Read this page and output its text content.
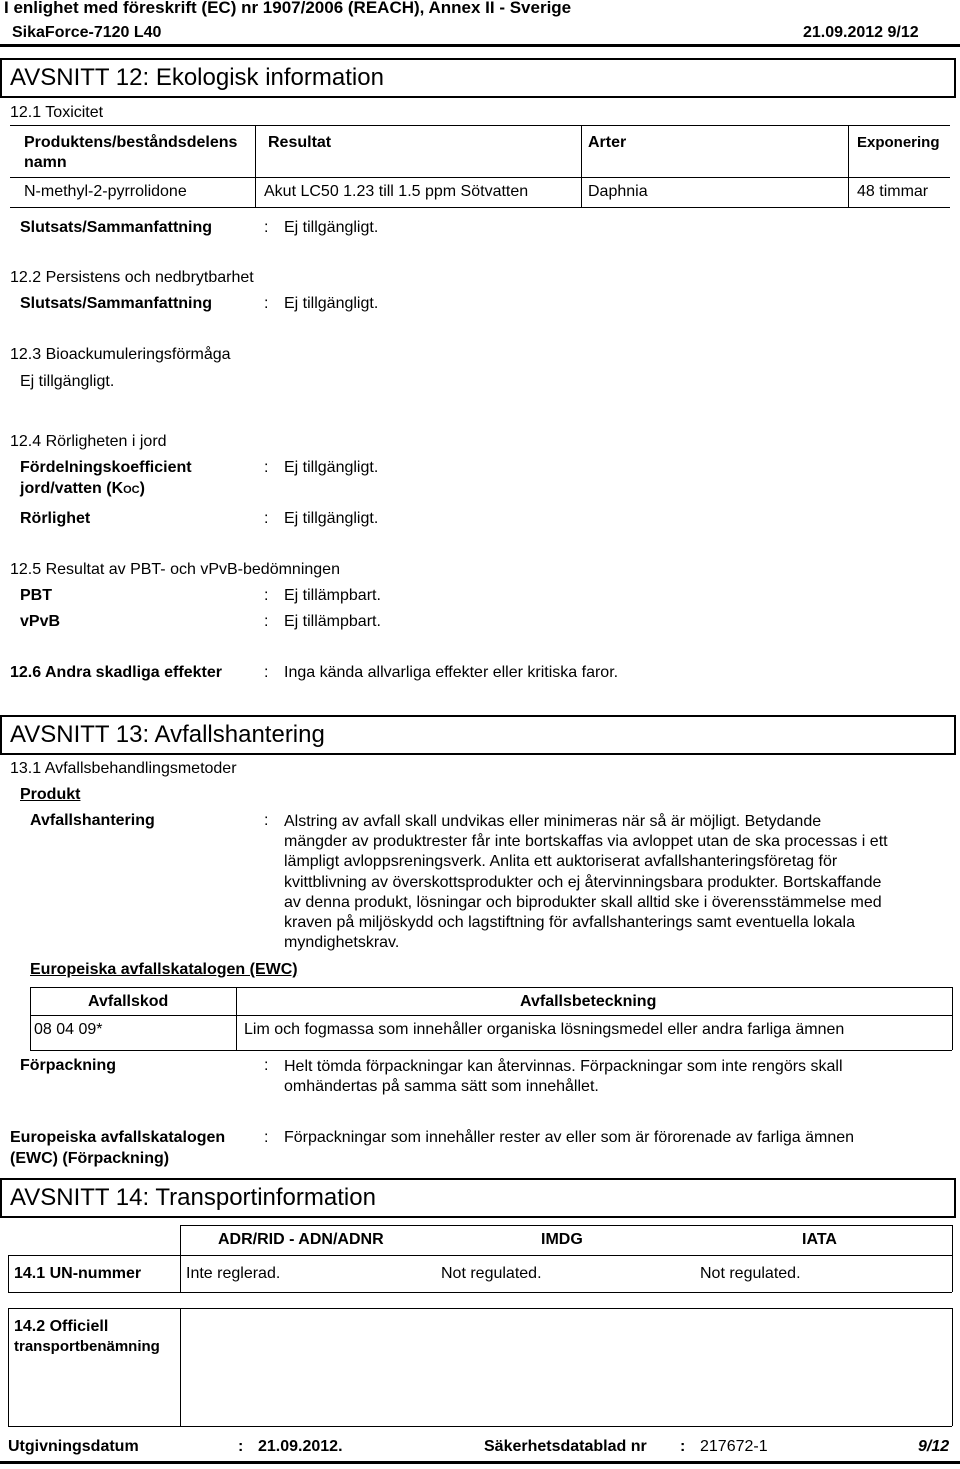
I enlighet med föreskrift (EC) nr 1907/2006 (REACH), Annex II - Sverige
SikaForce-7120 L40	21.09.2012 9/12
AVSNITT 12: Ekologisk information
12.1 Toxicitet
Produktens/beståndsdelens
namn
Resultat	Arter	Exponering
N-methyl-2-pyrrolidone	Akut LC50 1.23 till 1.5 ppm Sötvatten	Daphnia	48 timmar
Slutsats/Sammanfattning	: Ej tillgängligt.
12.2 Persistens och nedbrytbarhet
Slutsats/Sammanfattning	: Ej tillgängligt.
12.3 Bioackumuleringsförmåga
Ej tillgängligt.
12.4 Rörligheten i jord
Fördelningskoefficient
jord/vatten (KOC)
: Ej tillgängligt.
Rörlighet	: Ej tillgängligt.
12.5 Resultat av PBT- och vPvB-bedömningen
PBT	: Ej tillämpbart.
vPvB	: Ej tillämpbart.
12.6 Andra skadliga effekter	: Inga kända allvarliga effekter eller kritiska faror.
AVSNITT 13: Avfallshantering
13.1 Avfallsbehandlingsmetoder
Produkt
Avfallshantering	: Alstring av avfall skall undvikas eller minimeras när så är möjligt. Betydande
mängder av produktrester får inte bortskaffas via avloppet utan de ska processas i ett
lämpligt avloppsreningsverk. Anlita ett auktoriserat avfallshanteringsföretag för
kvittblivning av överskottsprodukter och ej återvinningsbara produkter. Bortskaffande
av denna produkt, lösningar och biprodukter skall alltid ske i överensstämmelse med
kraven på miljöskydd och lagstiftning för avfallshanterings samt eventuella lokala
myndighetskrav.
Europeiska avfallskatalogen (EWC)
Avfallskod	Avfallsbeteckning
08 04 09*	Lim och fogmassa som innehåller organiska lösningsmedel eller andra farliga ämnen
Förpackning	: Helt tömda förpackningar kan återvinnas. Förpackningar som inte rengörs skall
omhändertas på samma sätt som innehållet.
Europeiska avfallskatalogen
(EWC) (Förpackning)
: Förpackningar som innehåller rester av eller som är förorenade av farliga ämnen
AVSNITT 14: Transportinformation
ADR/RID - ADN/ADNR	IMDG	IATA
14.1 UN-nummer	Inte reglerad.	Not regulated.	Not regulated.
14.2 Officiell
transportbenämning
Utgivningsdatum	: 21.09.2012.	Säkerhetsdatablad nr : 217672-1	9/12
